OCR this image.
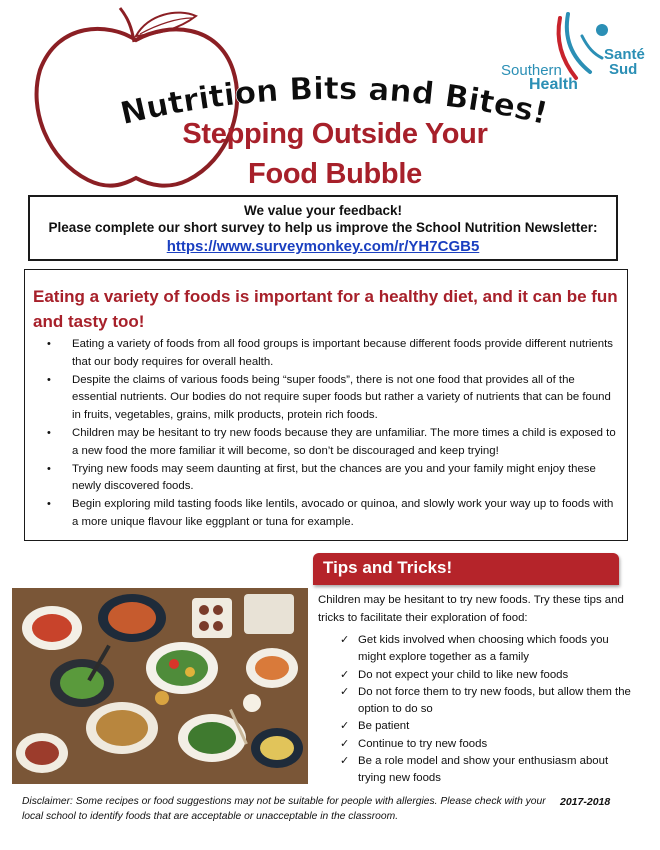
Nutrition Bits and Bites!
Stepping Outside Your
Food Bubble
Southern
Health
Santé
Sud
We value your feedback!
Please complete our short survey to help us improve the School Nutrition Newsletter:
https://www.surveymonkey.com/r/YH7CGB5
Eating a variety of foods is important for a healthy diet, and it can be fun and tasty too!
• Eating a variety of foods from all food groups is important because different foods provide different nutrients that our body requires for overall health.
• Despite the claims of various foods being “super foods”, there is not one food that provides all of the essential nutrients. Our bodies do not require super foods but rather a variety of nutrients that can be found in fruits, vegetables, grains, milk products, protein rich foods.
• Children may be hesitant to try new foods because they are unfamiliar. The more times a child is exposed to a new food the more familiar it will become, so don’t be discouraged and keep trying!
• Trying new foods may seem daunting at first, but the chances are you and your family might enjoy these newly discovered foods.
• Begin exploring mild tasting foods like lentils, avocado or quinoa, and slowly work your way up to foods with a more unique flavour like eggplant or tuna for example.
Tips and Tricks!
Children may be hesitant to try new foods. Try these tips and tricks to facilitate their exploration of food:
✓ Get kids involved when choosing which foods you might explore together as a family
✓ Do not expect your child to like new foods
✓ Do not force them to try new foods, but allow them the option to do so
✓ Be patient
✓ Continue to try new foods
✓ Be a role model and show your enthusiasm about trying new foods
Disclaimer: Some recipes or food suggestions may not be suitable for people with allergies. Please check with your local school to identify foods that are acceptable or unacceptable in the classroom.
2017-2018
